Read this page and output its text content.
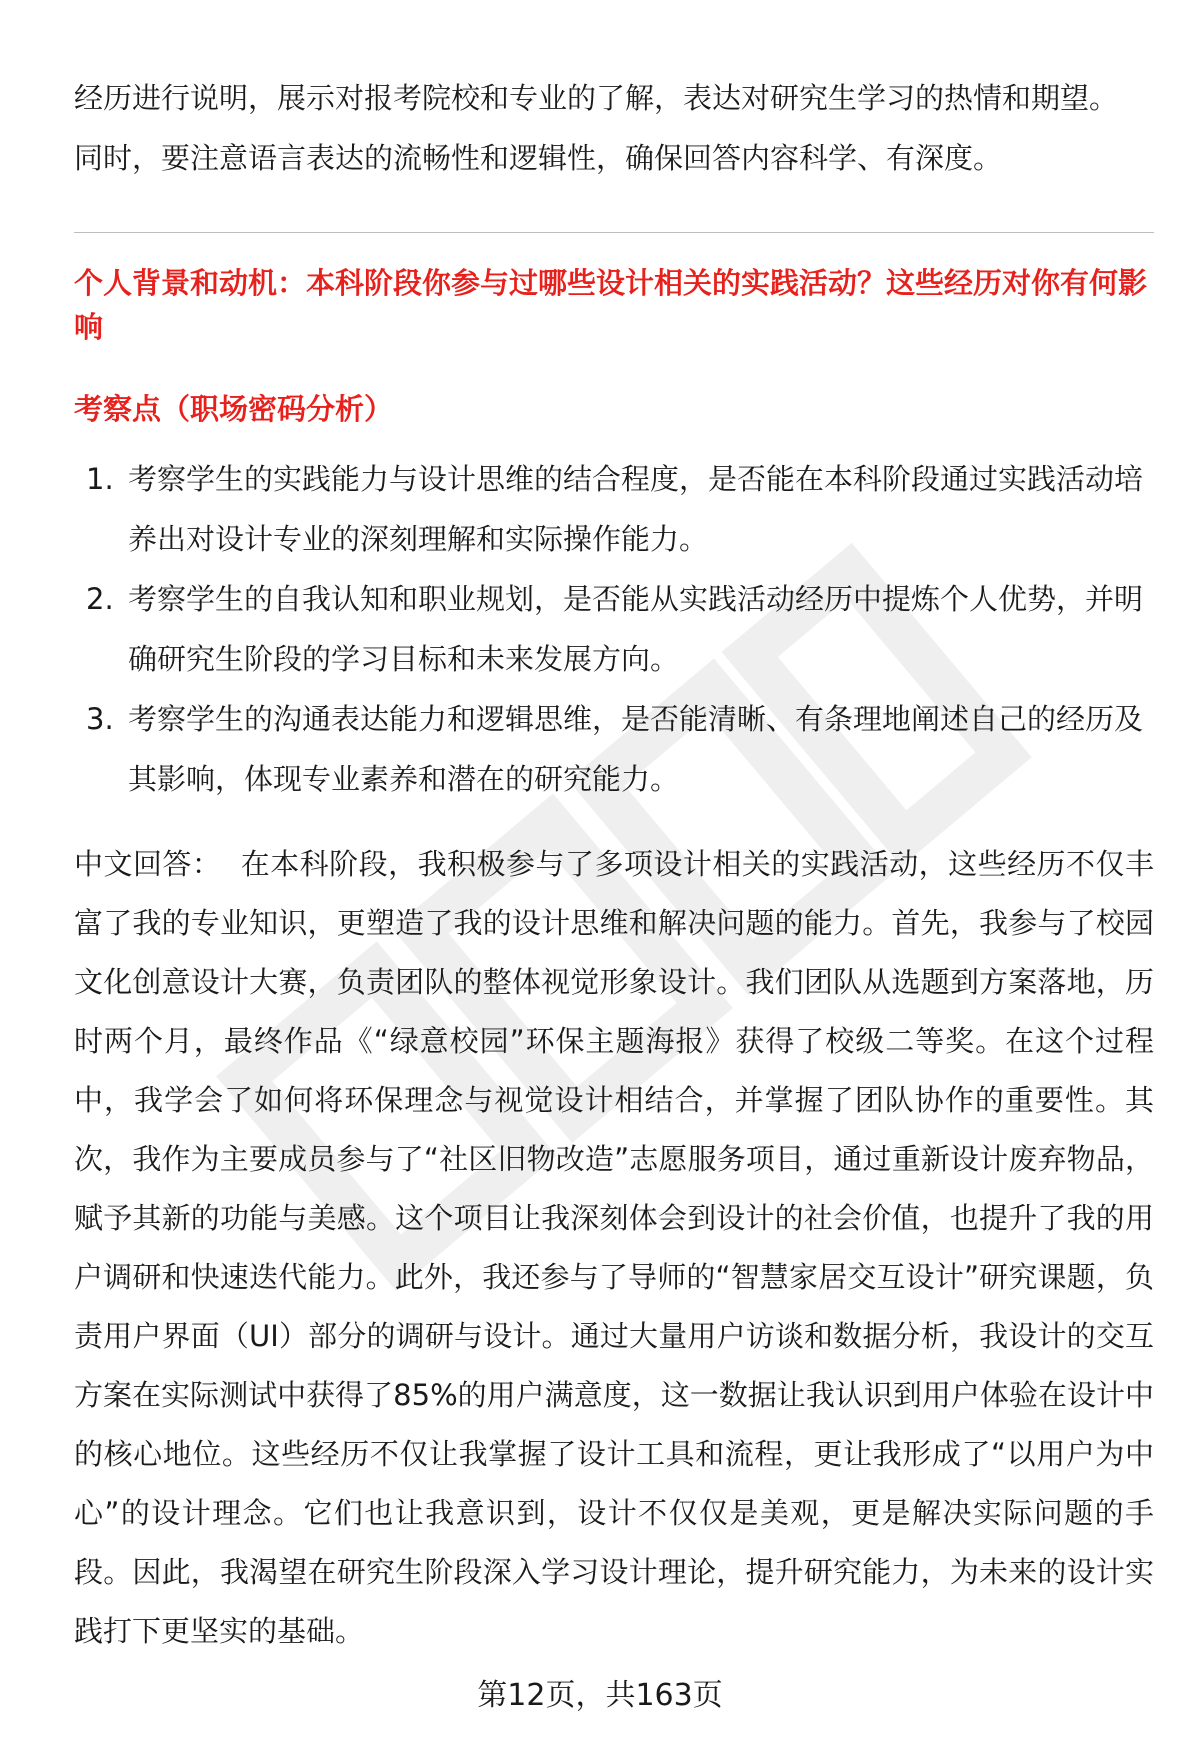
经历进行说明，展示对报考院校和专业的了解，表达对研究生学习的热情和期望。

同时，要注意语言表达的流畅性和逻辑性，确保回答内容科学、有深度。

个人背景和动机：本科阶段你参与过哪些设计相关的实践活动？这些经历对你有何影响

考察点（职场密码分析）

1. 考察学生的实践能力与设计思维的结合程度，是否能在本科阶段通过实践活动培养出对设计专业的深刻理解和实际操作能力。
2. 考察学生的自我认知和职业规划，是否能从实践活动经历中提炼个人优势，并明确研究生阶段的学习目标和未来发展方向。
3. 考察学生的沟通表达能力和逻辑思维，是否能清晰、有条理地阐述自己的经历及其影响，体现专业素养和潜在的研究能力。

中文回答： 在本科阶段，我积极参与了多项设计相关的实践活动，这些经历不仅丰富了我的专业知识，更塑造了我的设计思维和解决问题的能力。首先，我参与了校园文化创意设计大赛，负责团队的整体视觉形象设计。我们团队从选题到方案落地，历时两个月，最终作品《“绿意校园”环保主题海报》获得了校级二等奖。在这个过程中，我学会了如何将环保理念与视觉设计相结合，并掌握了团队协作的重要性。其次，我作为主要成员参与了“社区旧物改造”志愿服务项目，通过重新设计废弃物品，赋予其新的功能与美感。这个项目让我深刻体会到设计的社会价值，也提升了我的用户调研和快速迭代能力。此外，我还参与了导师的“智慧家居交互设计”研究课题，负责用户界面（UI）部分的调研与设计。通过大量用户访谈和数据分析，我设计的交互方案在实际测试中获得了85%的用户满意度，这一数据让我认识到用户体验在设计中的核心地位。这些经历不仅让我掌握了设计工具和流程，更让我形成了“以用户为中心”的设计理念。它们也让我意识到，设计不仅仅是美观，更是解决实际问题的手段。因此，我渴望在研究生阶段深入学习设计理论，提升研究能力，为未来的设计实践打下更坚实的基础。

第12页，共163页
